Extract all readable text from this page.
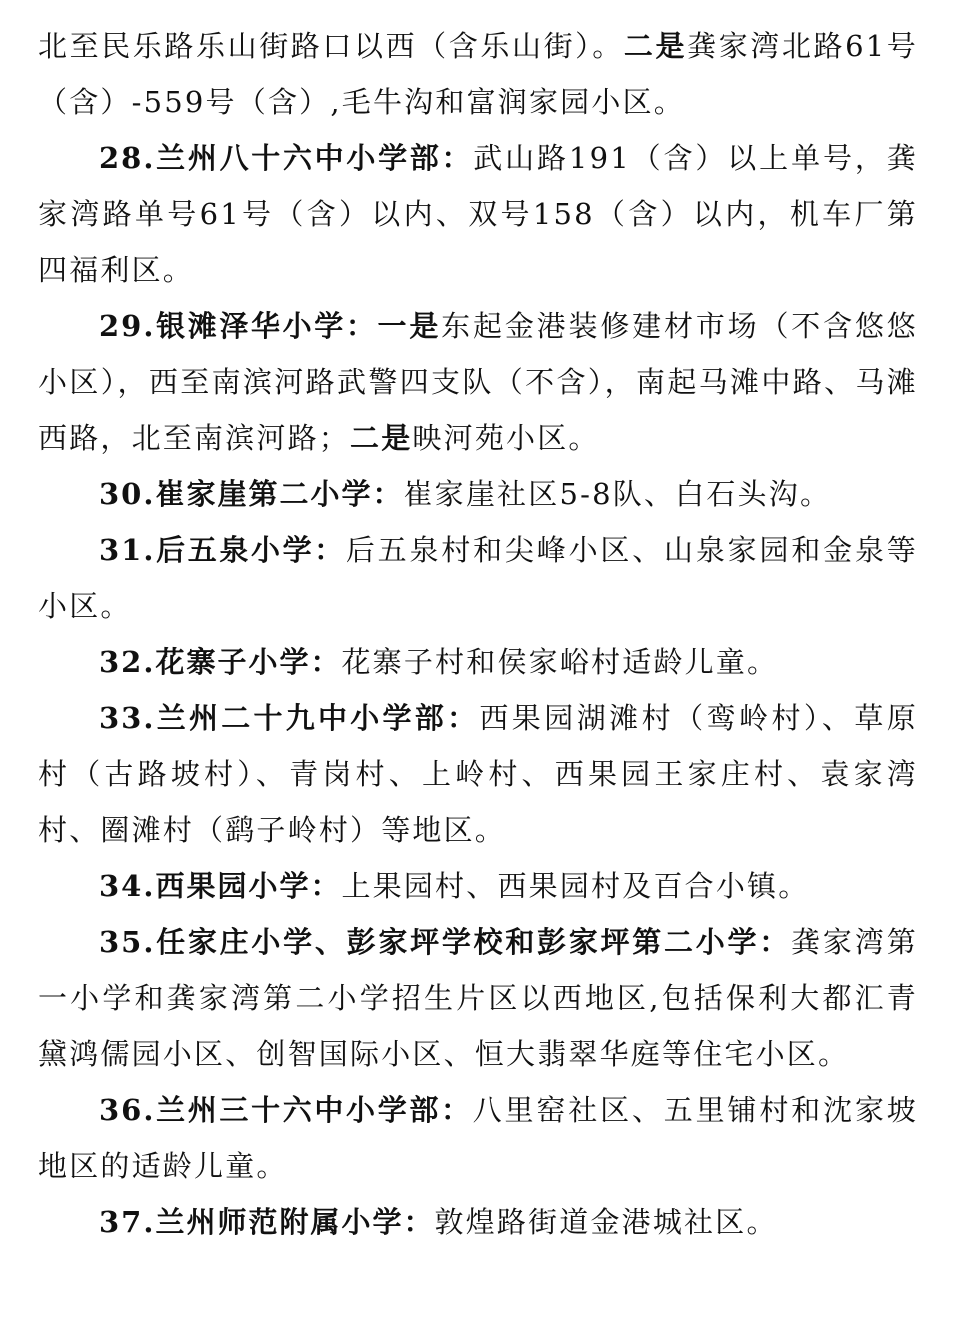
北至民乐路乐山街路口以西（含乐山街）。二是龚家湾北路61号（含）-559号（含）,毛牛沟和富润家园小区。

28.兰州八十六中小学部：武山路191（含）以上单号，龚家湾路单号61号（含）以内、双号158（含）以内，机车厂第四福利区。

29.银滩泽华小学：一是东起金港装修建材市场（不含悠悠小区），西至南滨河路武警四支队（不含），南起马滩中路、马滩西路，北至南滨河路；二是映河苑小区。

30.崔家崖第二小学：崔家崖社区5-8队、白石头沟。

31.后五泉小学：后五泉村和尖峰小区、山泉家园和金泉等小区。

32.花寨子小学：花寨子村和侯家峪村适龄儿童。

33.兰州二十九中小学部：西果园湖滩村（鸾岭村）、草原村（古路坡村）、青岗村、上岭村、西果园王家庄村、袁家湾村、圈滩村（鹞子岭村）等地区。

34.西果园小学：上果园村、西果园村及百合小镇。

35.任家庄小学、彭家坪学校和彭家坪第二小学：龚家湾第一小学和龚家湾第二小学招生片区以西地区,包括保利大都汇青黛鸿儒园小区、创智国际小区、恒大翡翠华庭等住宅小区。

36.兰州三十六中小学部：八里窑社区、五里铺村和沈家坡地区的适龄儿童。

37.兰州师范附属小学：敦煌路街道金港城社区。
